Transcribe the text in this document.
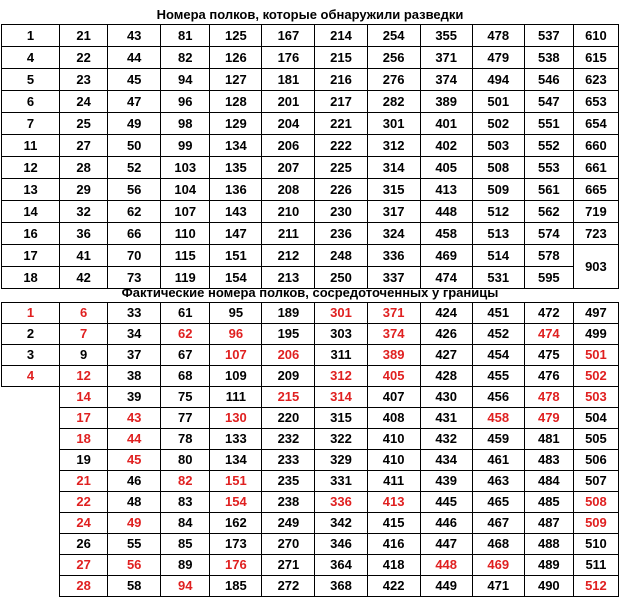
Номера полков, которые обнаружили разведки
1	21	43	81	125	167	214	254	355	478	537	610
4	22	44	82	126	176	215	256	371	479	538	615
5	23	45	94	127	181	216	276	374	494	546	623
6	24	47	96	128	201	217	282	389	501	547	653
7	25	49	98	129	204	221	301	401	502	551	654
11	27	50	99	134	206	222	312	402	503	552	660
12	28	52	103	135	207	225	314	405	508	553	661
13	29	56	104	136	208	226	315	413	509	561	665
14	32	62	107	143	210	230	317	448	512	562	719
16	36	66	110	147	211	236	324	458	513	574	723
17	41	70	115	151	212	248	336	469	514	578	903
18	42	73	119	154	213	250	337	474	531	595	
Фактические номера полков, сосредоточенных у границы
1	6	33	61	95	189	301	371	424	451	472	497
2	7	34	62	96	195	303	374	426	452	474	499
3	9	37	67	107	206	311	389	427	454	475	501
4	12	38	68	109	209	312	405	428	455	476	502
	14	39	75	111	215	314	407	430	456	478	503
	17	43	77	130	220	315	408	431	458	479	504
	18	44	78	133	232	322	410	432	459	481	505
	19	45	80	134	233	329	410	434	461	483	506
	21	46	82	151	235	331	411	439	463	484	507
	22	48	83	154	238	336	413	445	465	485	508
	24	49	84	162	249	342	415	446	467	487	509
	26	55	85	173	270	346	416	447	468	488	510
	27	56	89	176	271	364	418	448	469	489	511
	28	58	94	185	272	368	422	449	471	490	512
